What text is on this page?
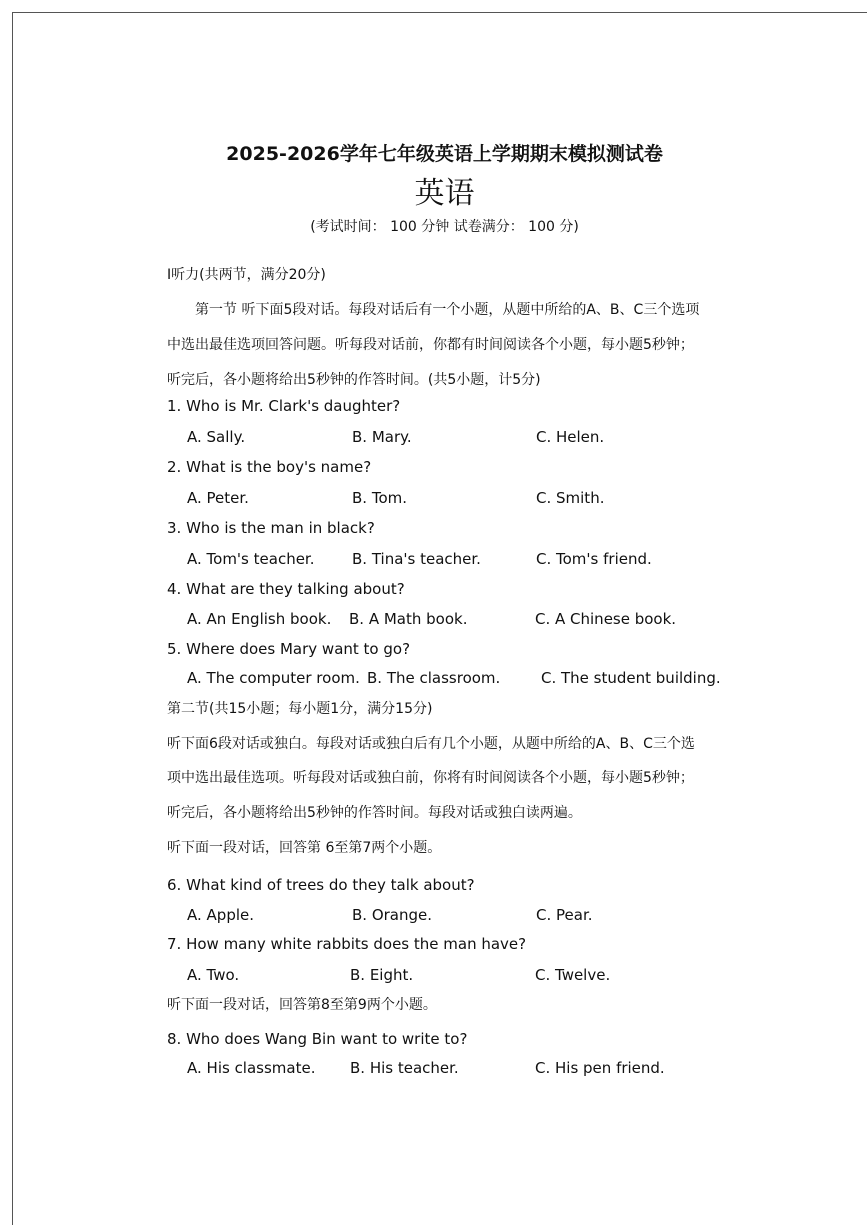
2025-2026学年七年级英语上学期期末模拟测试卷
英语
(考试时间： 100 分钟 试卷满分： 100 分)
Ⅰ听力(共两节，满分20分)
第一节 听下面5段对话。每段对话后有一个小题，从题中所给的A、B、C三个选项
中选出最佳选项回答问题。听每段对话前，你都有时间阅读各个小题，每小题5秒钟；
听完后，各小题将给出5秒钟的作答时间。(共5小题，计5分)
1. Who is Mr. Clark's daughter?
A. Sally.	B. Mary.	C. Helen.
2. What is the boy's name?
A. Peter.	B. Tom.	C. Smith.
3. Who is the man in black?
A. Tom's teacher.	B. Tina's teacher.	C. Tom's friend.
4. What are they talking about?
A. An English book. B. A Math book.	C. A Chinese book.
5. Where does Mary want to go?
A. The computer room. B. The classroom.	C. The student building.
第二节(共15小题；每小题1分，满分15分)
听下面6段对话或独白。每段对话或独白后有几个小题，从题中所给的A、B、C三个选
项中选出最佳选项。听每段对话或独白前，你将有时间阅读各个小题，每小题5秒钟；
听完后，各小题将给出5秒钟的作答时间。每段对话或独白读两遍。
听下面一段对话，回答第 6至第7两个小题。
6. What kind of trees do they talk about?
A. Apple.	B. Orange.	C. Pear.
7. How many white rabbits does the man have?
A. Two.	B. Eight.	C. Twelve.
听下面一段对话，回答第8至第9两个小题。
8. Who does Wang Bin want to write to?
A. His classmate. B. His teacher.	C. His pen friend.
